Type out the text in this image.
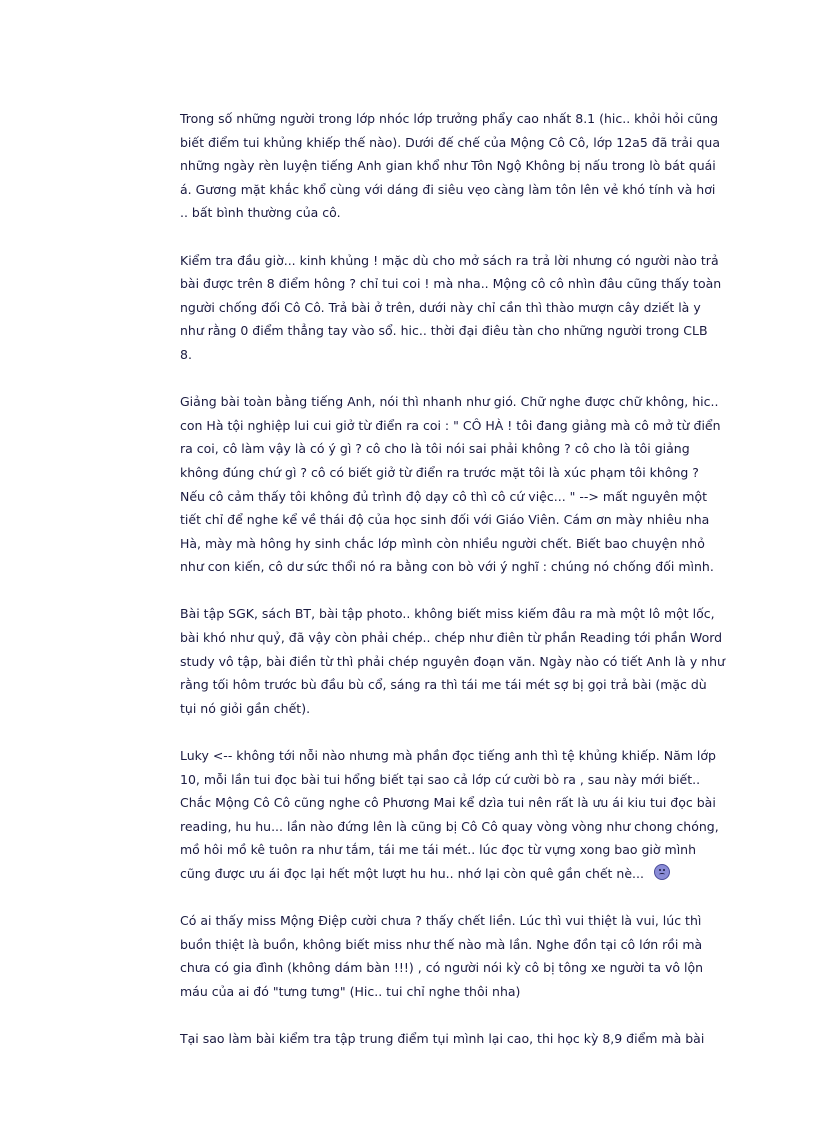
Trong số những người trong lớp nhóc lớp trưởng phẩy cao nhất 8.1 (hic.. khỏi hỏi cũng
biết điểm tui khủng khiếp thế nào). Dưới đế chế của Mộng Cô Cô, lớp 12a5 đã trải qua
những ngày rèn luyện tiếng Anh gian khổ như Tôn Ngộ Không bị nấu trong lò bát quái
á. Gương mặt khắc khổ cùng với dáng đi siêu vẹo càng làm tôn lên vẻ khó tính và hơi
.. bất bình thường của cô.

Kiểm tra đầu giờ... kinh khủng ! mặc dù cho mở sách ra trả lời nhưng có người nào trả
bài được trên 8 điểm hông ? chỉ tui coi ! mà nha.. Mộng cô cô nhìn đâu cũng thấy toàn
người chống đối Cô Cô. Trả bài ở trên, dưới này chỉ cần thì thào mượn cây dziết là y
như rằng 0 điểm thẳng tay vào sổ. hic.. thời đại điêu tàn cho những người trong CLB
8.

Giảng bài toàn bằng tiếng Anh, nói thì nhanh như gió. Chữ nghe được chữ không, hic..
con Hà tội nghiệp lui cui giở từ điển ra coi : " CÔ HÀ ! tôi đang giảng mà cô mở từ điển
ra coi, cô làm vậy là có ý gì ? cô cho là tôi nói sai phải không ? cô cho là tôi giảng
không đúng chứ gì ? cô có biết giở từ điển ra trước mặt tôi là xúc phạm tôi không ?
Nếu cô cảm thấy tôi không đủ trình độ dạy cô thì cô cứ việc... " --> mất nguyên một
tiết chỉ để nghe kể về thái độ của học sinh đối với Giáo Viên. Cám ơn mày nhiêu nha
Hà, mày mà hông hy sinh chắc lớp mình còn nhiều người chết. Biết bao chuyện nhỏ
như con kiến, cô dư sức thổi nó ra bằng con bò với ý nghĩ : chúng nó chống đối mình.

Bài tập SGK, sách BT, bài tập photo.. không biết miss kiếm đâu ra mà một lô một lốc,
bài khó như quỷ, đã vậy còn phải chép.. chép như điên từ phần Reading tới phần Word
study vô tập, bài điền từ thì phải chép nguyên đoạn văn. Ngày nào có tiết Anh là y như
rằng tối hôm trước bù đầu bù cổ, sáng ra thì tái me tái mét sợ bị gọi trả bài (mặc dù
tụi nó giỏi gần chết).

Luky <-- không tới nỗi nào nhưng mà phần đọc tiếng anh thì tệ khủng khiếp. Năm lớp
10, mỗi lần tui đọc bài tui hổng biết tại sao cả lớp cứ cười bò ra , sau này mới biết..
Chắc Mộng Cô Cô cũng nghe cô Phương Mai kể dzìa tui nên rất là ưu ái kiu tui đọc bài
reading, hu hu... lần nào đứng lên là cũng bị Cô Cô quay vòng vòng như chong chóng,
mồ hôi mồ kê tuôn ra như tắm, tái me tái mét.. lúc đọc từ vựng xong bao giờ mình
cũng được ưu ái đọc lại hết một lượt hu hu.. nhớ lại còn quê gần chết nè...

Có ai thấy miss Mộng Điệp cười chưa ? thấy chết liền. Lúc thì vui thiệt là vui, lúc thì
buồn thiệt là buồn, không biết miss như thế nào mà lần. Nghe đồn tại cô lớn rồi mà
chưa có gia đình (không dám bàn !!!) , có người nói kỳ cô bị tông xe người ta vô lộn
máu của ai đó "tưng tưng" (Hic.. tui chỉ nghe thôi nha)

Tại sao làm bài kiểm tra tập trung điểm tụi mình lại cao, thi học kỳ 8,9 điểm mà bài
